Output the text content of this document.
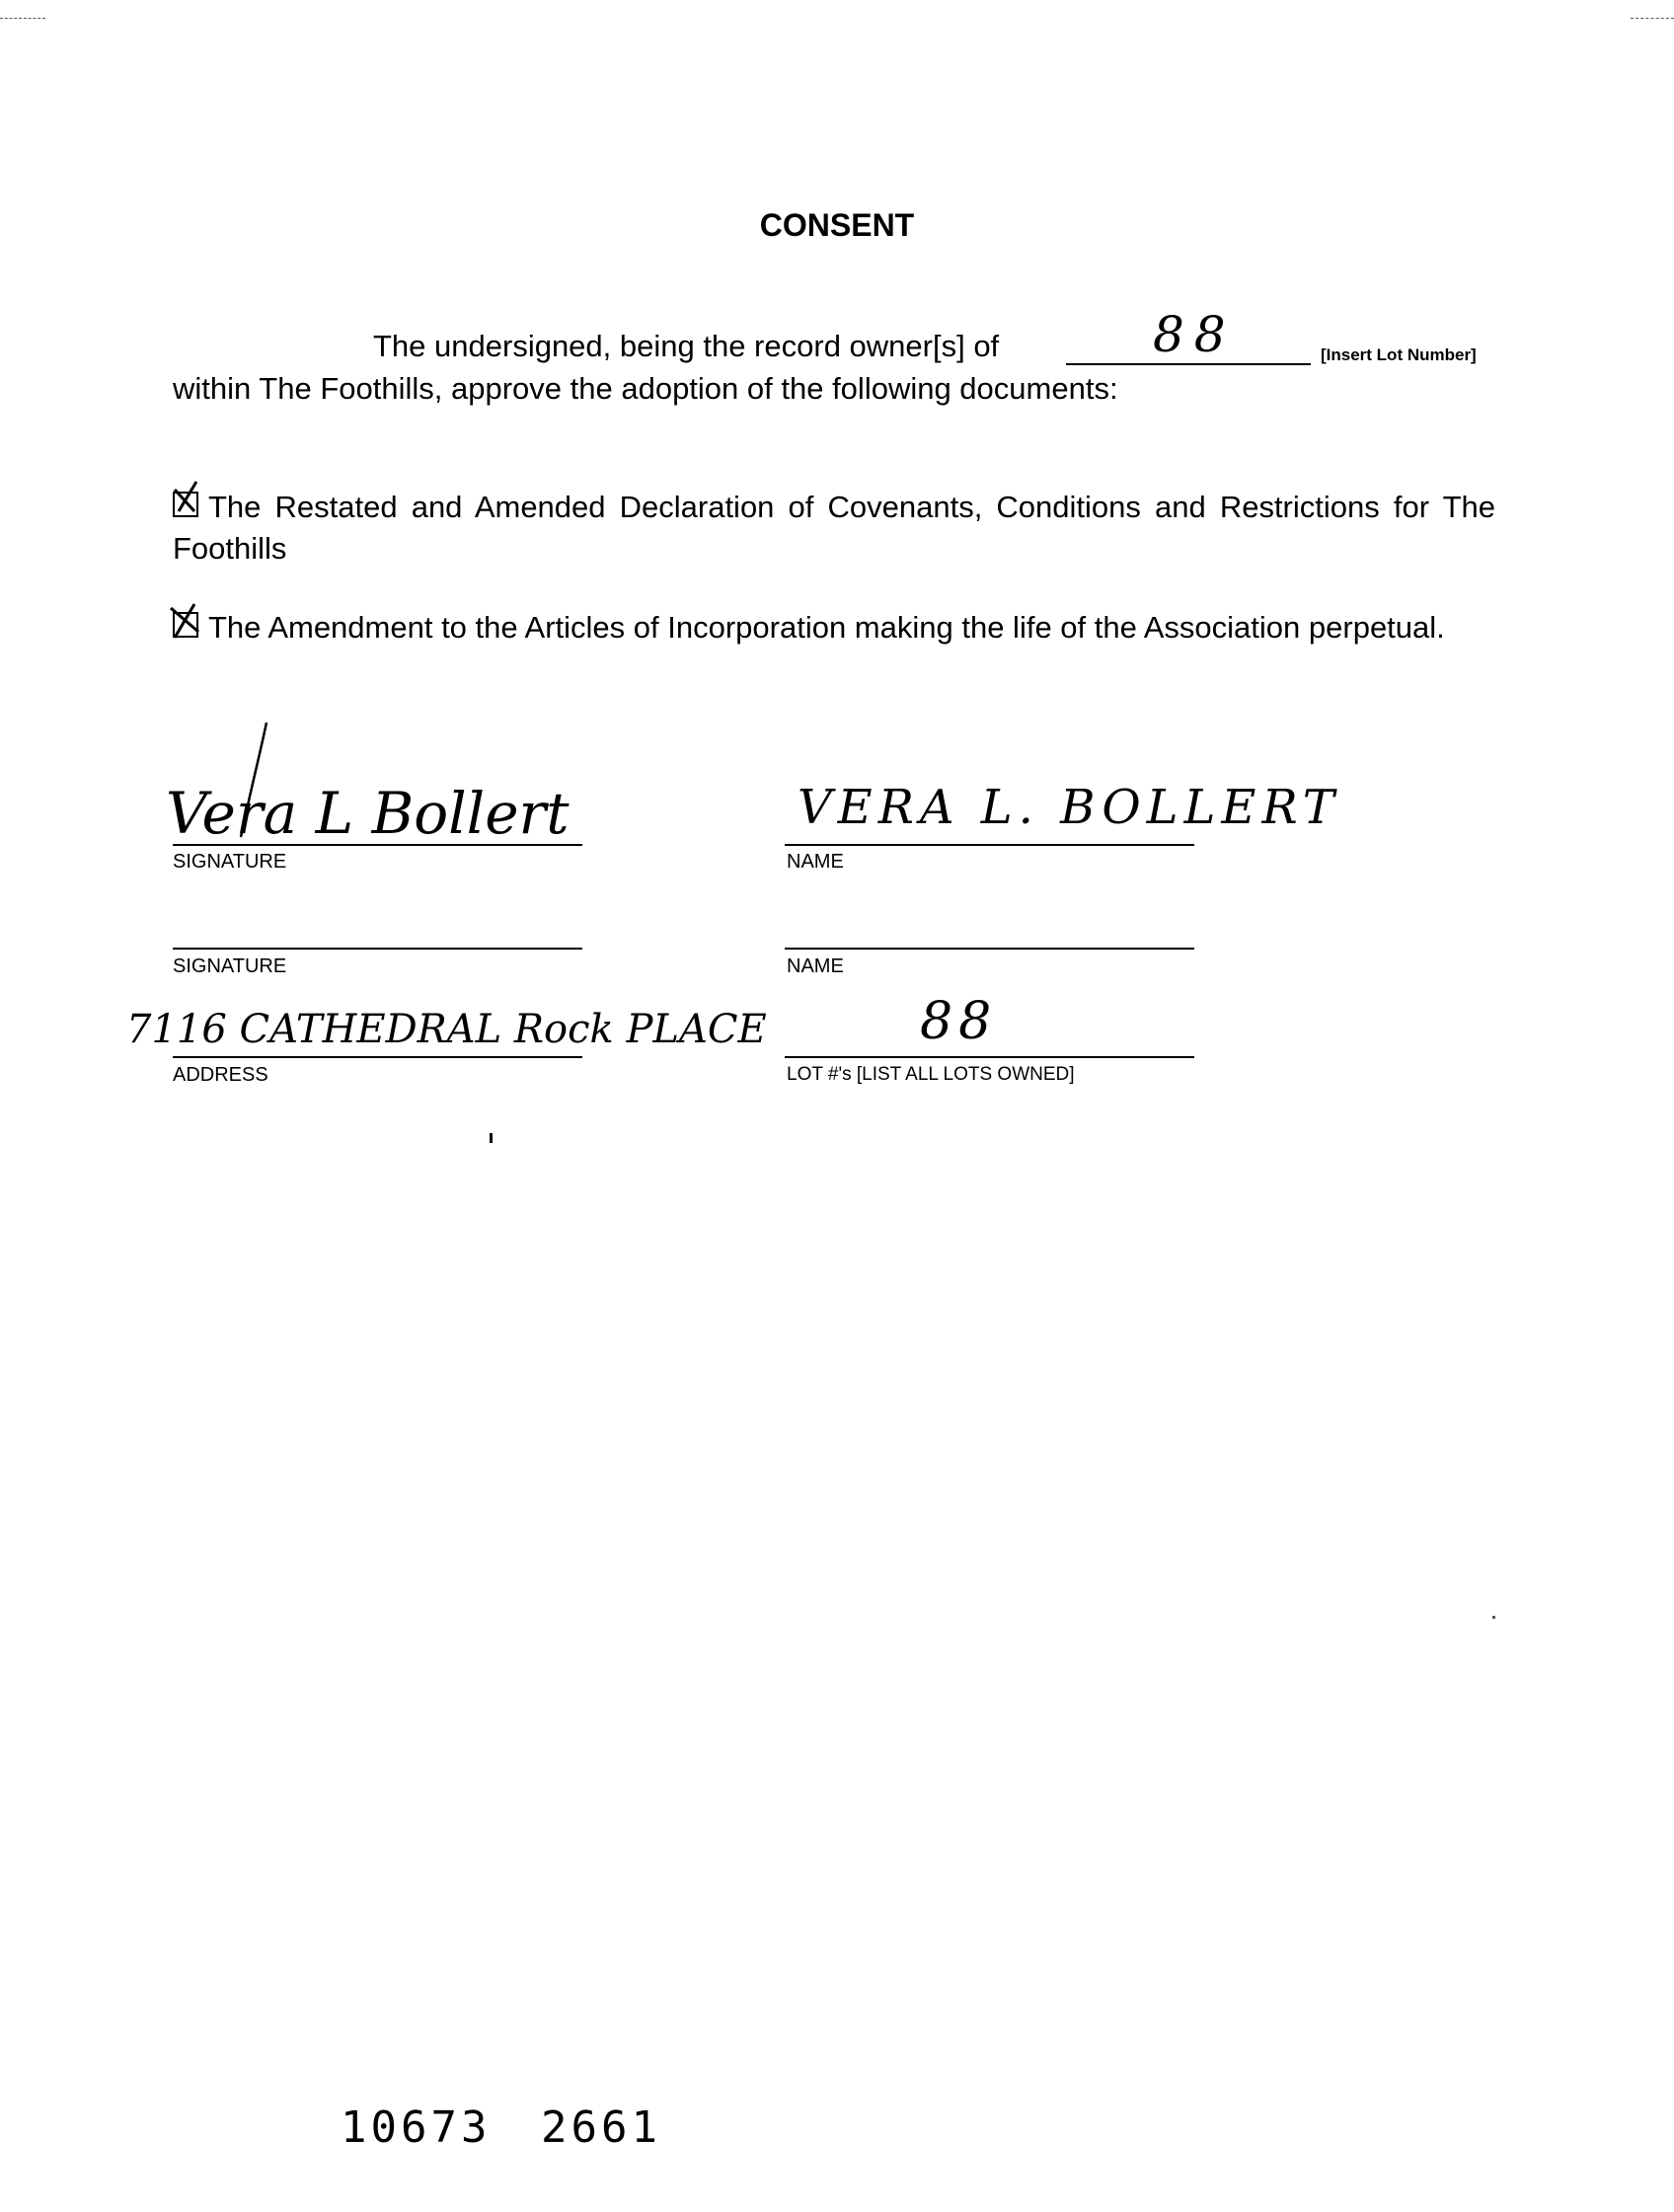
CONSENT
The undersigned, being the record owner[s] of	88	[Insert Lot Number]
within The Foothills, approve the adoption of the following documents:
The Restated and Amended Declaration of Covenants, Conditions and Restrictions for The Foothills
The Amendment to the Articles of Incorporation making the life of the Association perpetual.
Vera L Bollert
SIGNATURE
VERA L. BOLLERT
NAME
SIGNATURE	NAME
7116 CATHEDRAL Rock PLACE
ADDRESS
88
LOT #'s [LIST ALL LOTS OWNED]
10673 2661
